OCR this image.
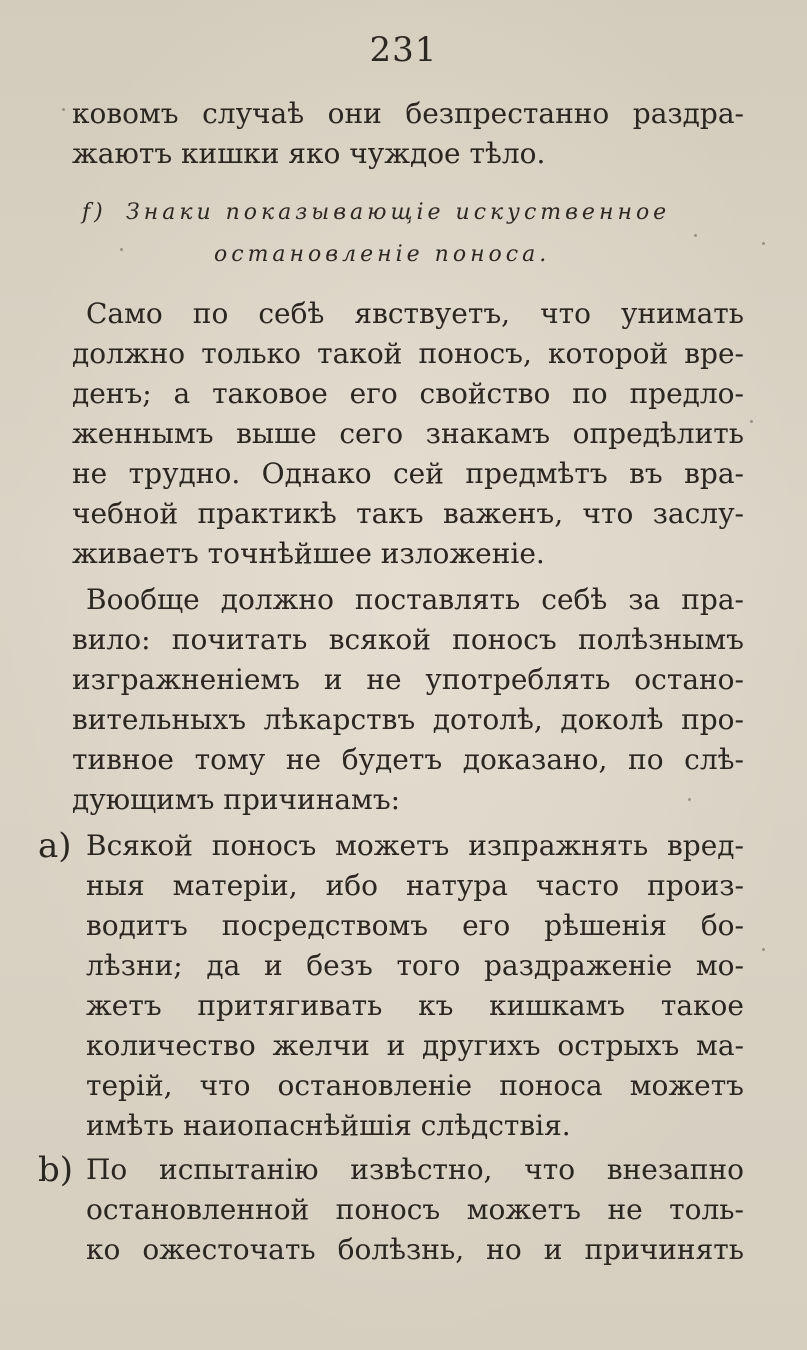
231
ковомъ случаѣ они безпрестанно раздра-
жаютъ кишки яко чуждое тѣло.
f) Знаки показывающiе искуственное
остановленiе поноса.
Само по себѣ явствуетъ, что унимать
должно только такой поносъ, которой вре-
денъ; а таковое его свойство по предло-
женнымъ выше сего знакамъ опредѣлить
не трудно. Однако сей предмѣтъ въ вра-
чебной практикѣ такъ важенъ, что заслу-
живаетъ точнѣйшее изложенiе.
Вообще должно поставлять себѣ за пра-
вило: почитать всякой поносъ полѣзнымъ
изгражненiемъ и не употреблять остано-
вительныхъ лѣкарствъ дотолѣ, доколѣ про-
тивное тому не будетъ доказано, по слѣ-
дующимъ причинамъ:
a) Всякой поносъ можетъ изпражнять вред-
ныя матерiи, ибо натура часто произ-
водитъ посредствомъ его рѣшенiя бо-
лѣзни; да и безъ того раздраженiе мо-
жетъ притягивать къ кишкамъ такое
количество желчи и другихъ острыхъ ма-
терiй, что остановленiе поноса можетъ
имѣть наиопаснѣйшiя слѣдствiя.
b) По испытанiю извѣстно, что внезапно
остановленной поносъ можетъ не толь-
ко ожесточать болѣзнь, но и причинять
